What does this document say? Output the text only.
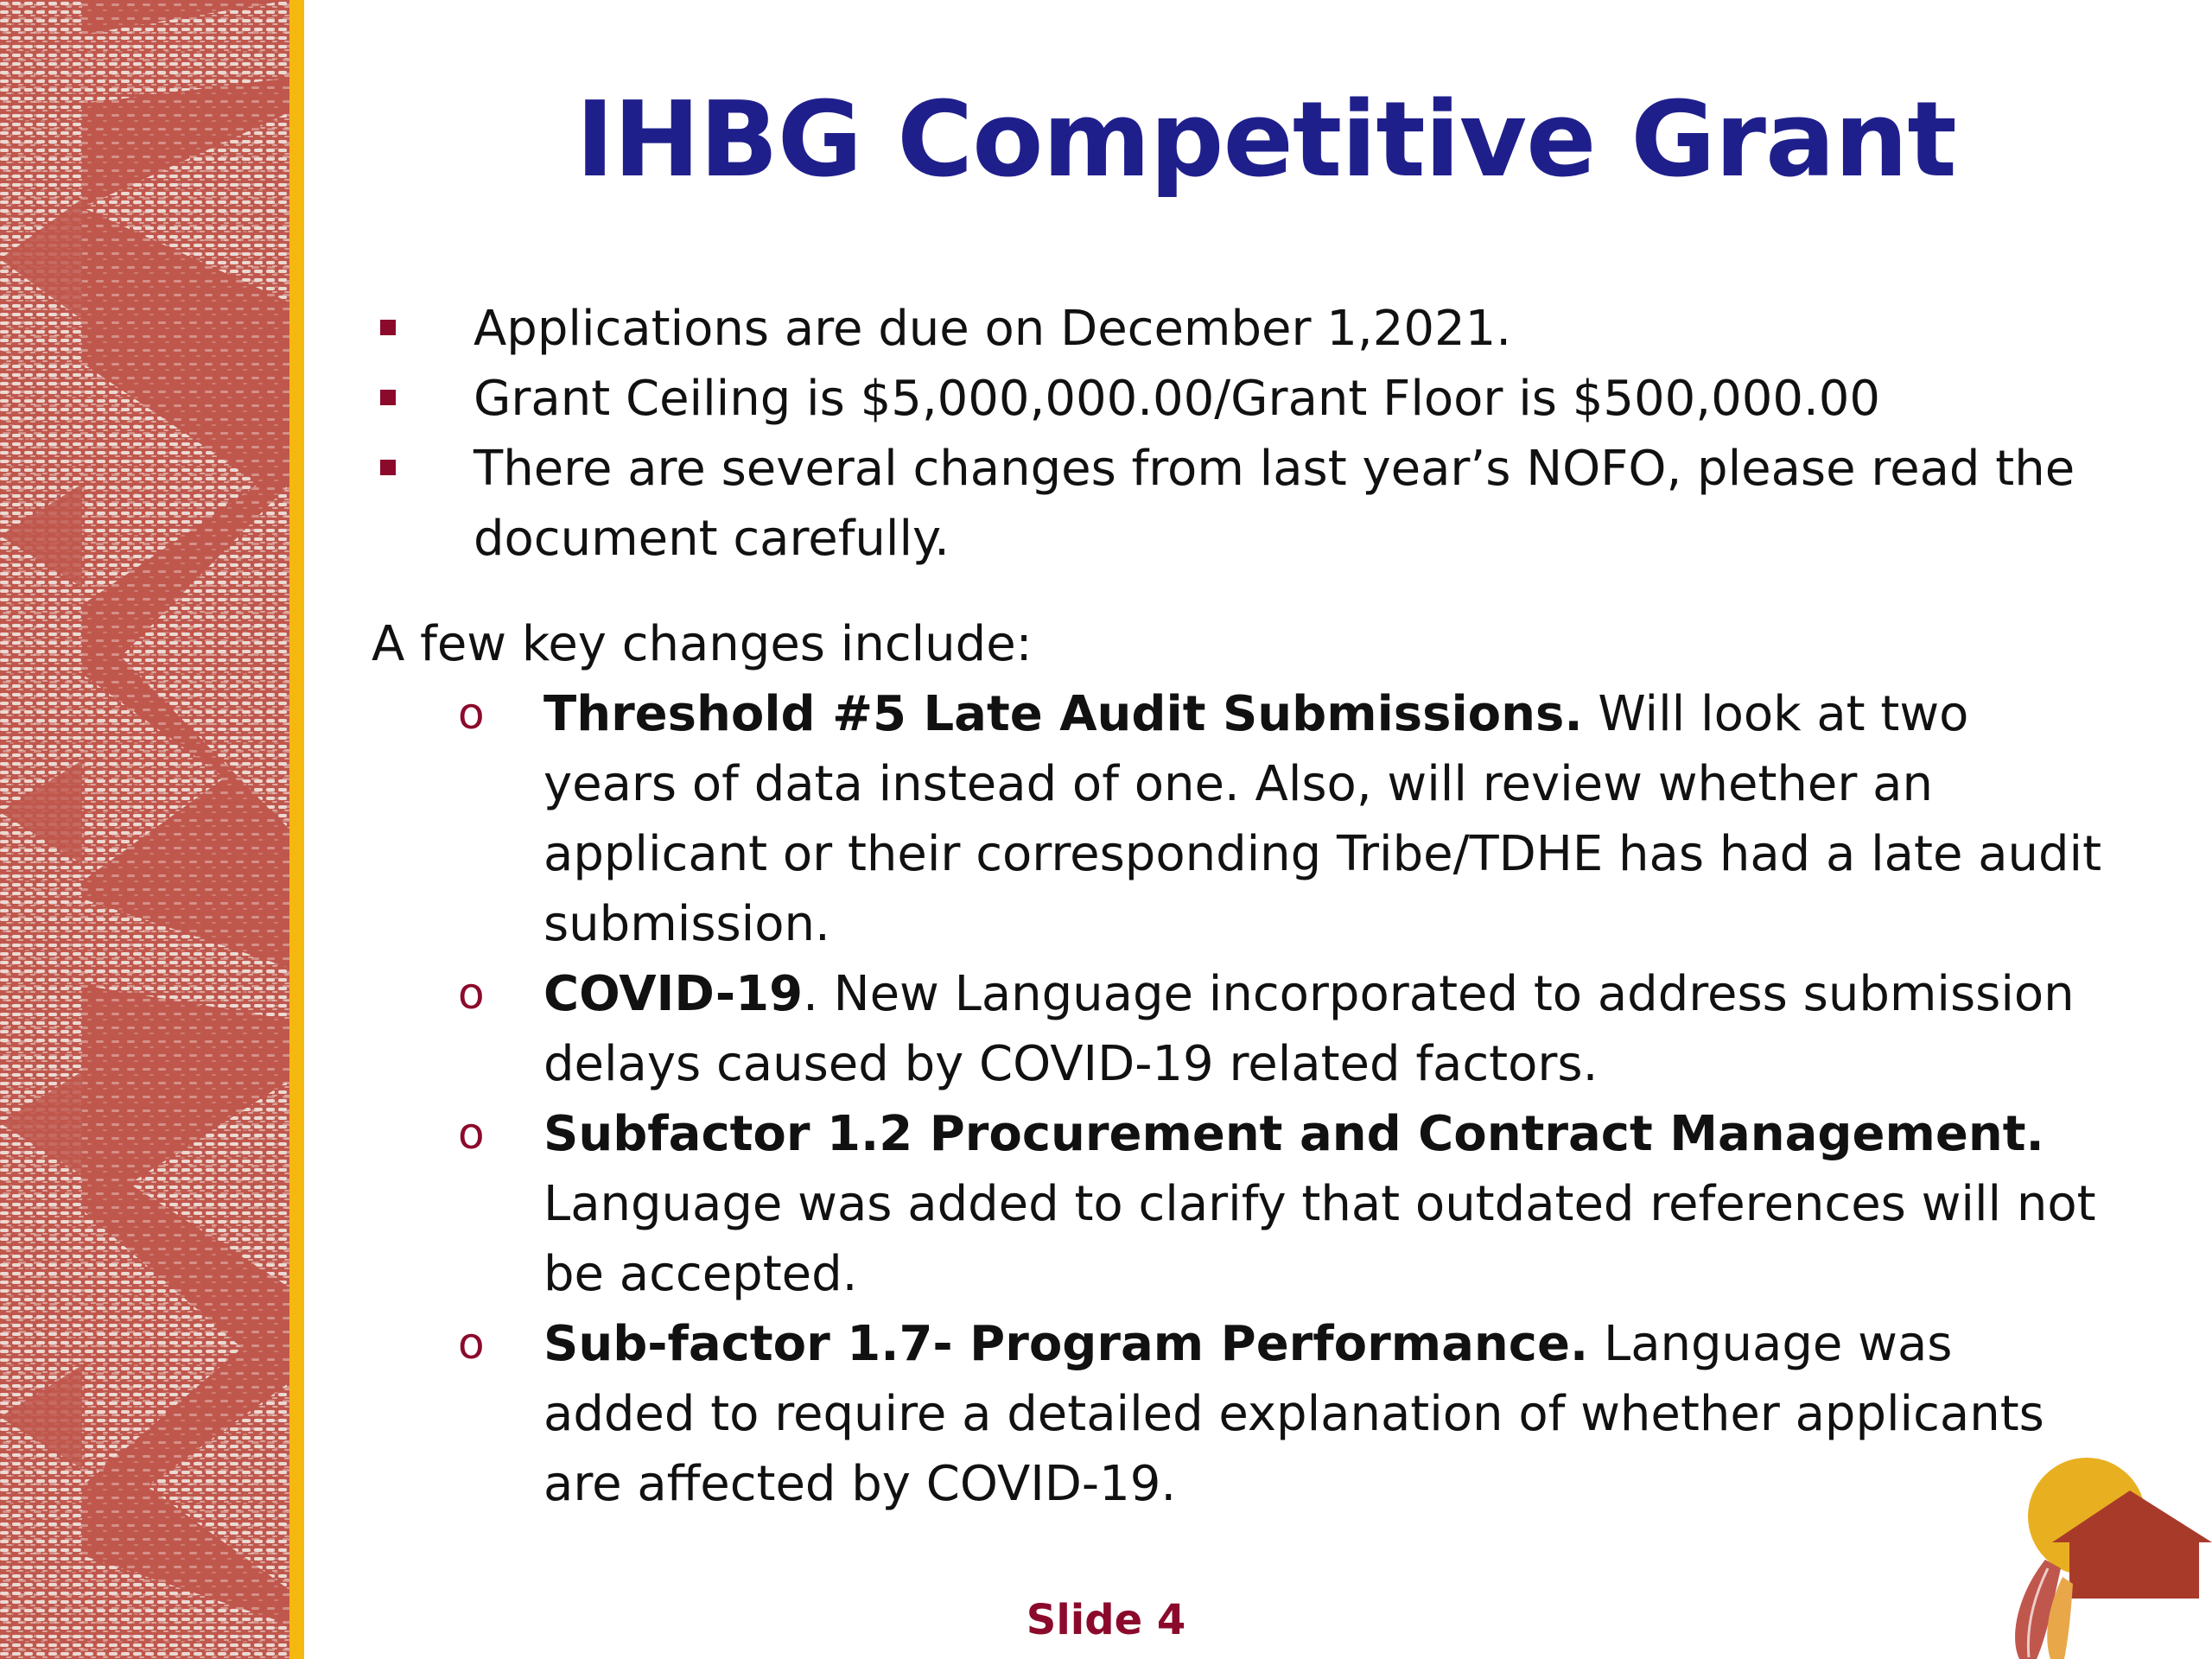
IHBG Competitive Grant
Applications are due on December 1,2021.
Grant Ceiling is $5,000,000.00/Grant Floor is $500,000.00
There are several changes from last year’s NOFO, please read the document carefully.
A few key changes include:
o Threshold #5 Late Audit Submissions. Will look at two years of data instead of one. Also, will review whether an applicant or their corresponding Tribe/TDHE has had a late audit submission.
o COVID-19. New Language incorporated to address submission delays caused by COVID-19 related factors.
o Subfactor 1.2 Procurement and Contract Management. Language was added to clarify that outdated references will not be accepted.
o Sub-factor 1.7- Program Performance. Language was added to require a detailed explanation of whether applicants are affected by COVID-19.
Slide 4
